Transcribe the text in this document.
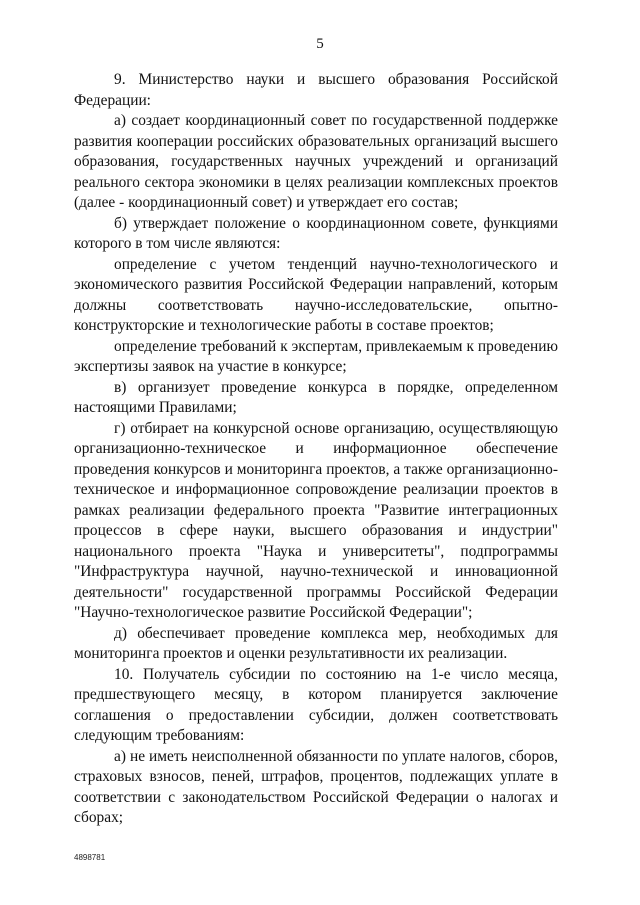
5

9. Министерство науки и высшего образования Российской Федерации:

а) создает координационный совет по государственной поддержке развития кооперации российских образовательных организаций высшего образования, государственных научных учреждений и организаций реального сектора экономики в целях реализации комплексных проектов (далее - координационный совет) и утверждает его состав;

б) утверждает положение о координационном совете, функциями которого в том числе являются:

определение с учетом тенденций научно-технологического и экономического развития Российской Федерации направлений, которым должны соответствовать научно-исследовательские, опытно-конструкторские и технологические работы в составе проектов;

определение требований к экспертам, привлекаемым к проведению экспертизы заявок на участие в конкурсе;

в) организует проведение конкурса в порядке, определенном настоящими Правилами;

г) отбирает на конкурсной основе организацию, осуществляющую организационно-техническое и информационное обеспечение проведения конкурсов и мониторинга проектов, а также организационно-техническое и информационное сопровождение реализации проектов в рамках реализации федерального проекта "Развитие интеграционных процессов в сфере науки, высшего образования и индустрии" национального проекта "Наука и университеты", подпрограммы "Инфраструктура научной, научно-технической и инновационной деятельности" государственной программы Российской Федерации "Научно-технологическое развитие Российской Федерации";

д) обеспечивает проведение комплекса мер, необходимых для мониторинга проектов и оценки результативности их реализации.

10. Получатель субсидии по состоянию на 1-е число месяца, предшествующего месяцу, в котором планируется заключение соглашения о предоставлении субсидии, должен соответствовать следующим требованиям:

а) не иметь неисполненной обязанности по уплате налогов, сборов, страховых взносов, пеней, штрафов, процентов, подлежащих уплате в соответствии с законодательством Российской Федерации о налогах и сборах;

4898781
